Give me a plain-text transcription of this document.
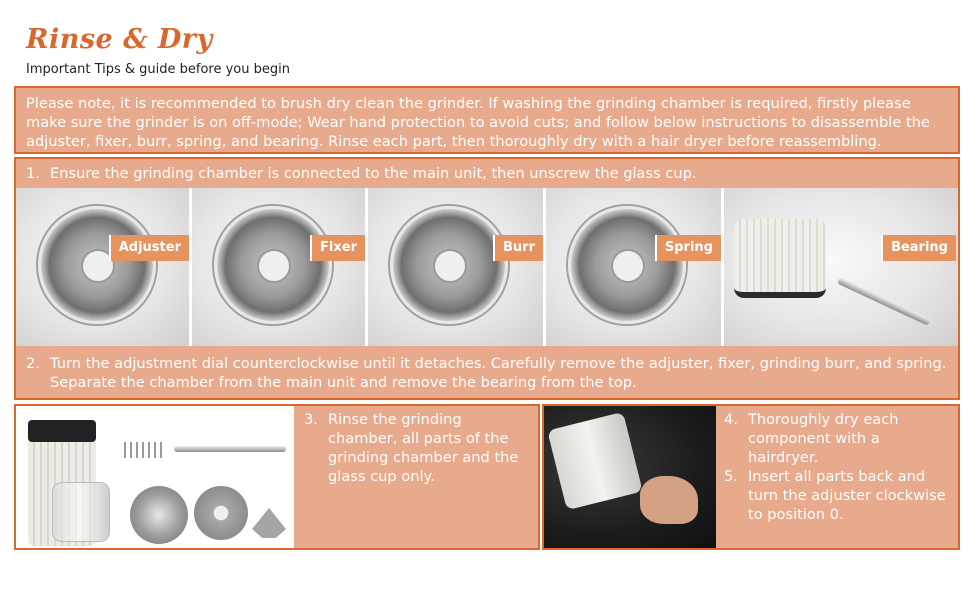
Rinse & Dry
Important Tips & guide before you begin
Please note, it is recommended to brush dry clean the grinder. If washing the grinding chamber is required, firstly please make sure the grinder is on off-mode; Wear hand protection to avoid cuts; and follow below instructions to disassemble the adjuster, fixer, burr, spring, and bearing. Rinse each part, then thoroughly dry with a hair dryer before reassembling.
1. Ensure the grinding chamber is connected to the main unit, then unscrew the glass cup.
Adjuster	Fixer	Burr	Spring	Bearing
2. Turn the adjustment dial counterclockwise until it detaches. Carefully remove the adjuster, fixer, grinding burr, and spring. Separate the chamber from the main unit and remove the bearing from the top.
3. Rinse the grinding chamber, all parts of the grinding chamber and the glass cup only.
4. Thoroughly dry each component with a hairdryer.
5. Insert all parts back and turn the adjuster clockwise to position 0.
